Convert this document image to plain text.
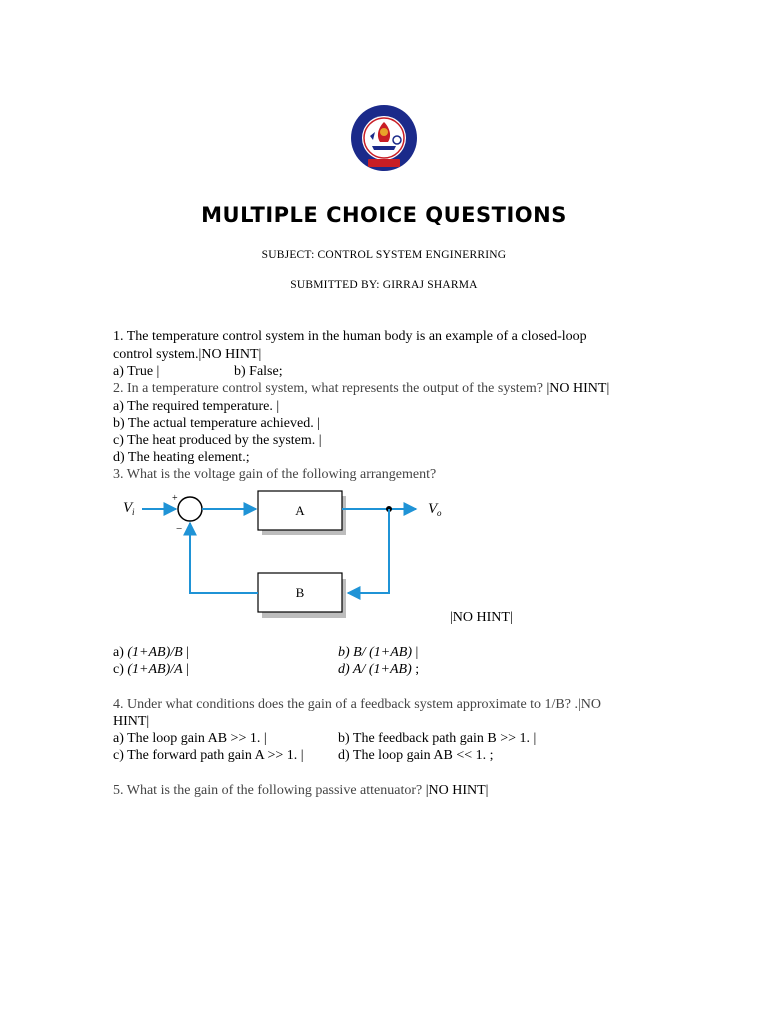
MULTIPLE CHOICE QUESTIONS
SUBJECT: CONTROL SYSTEM ENGINERRING
SUBMITTED BY: GIRRAJ SHARMA
1. The temperature control system in the human body is an example of a closed-loop
control system.|NO HINT|
a) True |	b) False;
2. In a temperature control system, what represents the output of the system? |NO HINT|
a) The required temperature. |
b) The actual temperature achieved. |
c) The heat produced by the system. |
d) The heating element.;
3. What is the voltage gain of the following arrangement?
V i
+
−
A	V o
B
|NO HINT|
a) (1+AB)/B |	b) B/ (1+AB) |
c) (1+AB)/A |	d) A/ (1+AB) ;
4. Under what conditions does the gain of a feedback system approximate to 1/B? .|NO
HINT|
a) The loop gain AB >> 1. |	b) The feedback path gain B >> 1. |
c) The forward path gain A >> 1. | d) The loop gain AB << 1. ;
5. What is the gain of the following passive attenuator? |NO HINT|
